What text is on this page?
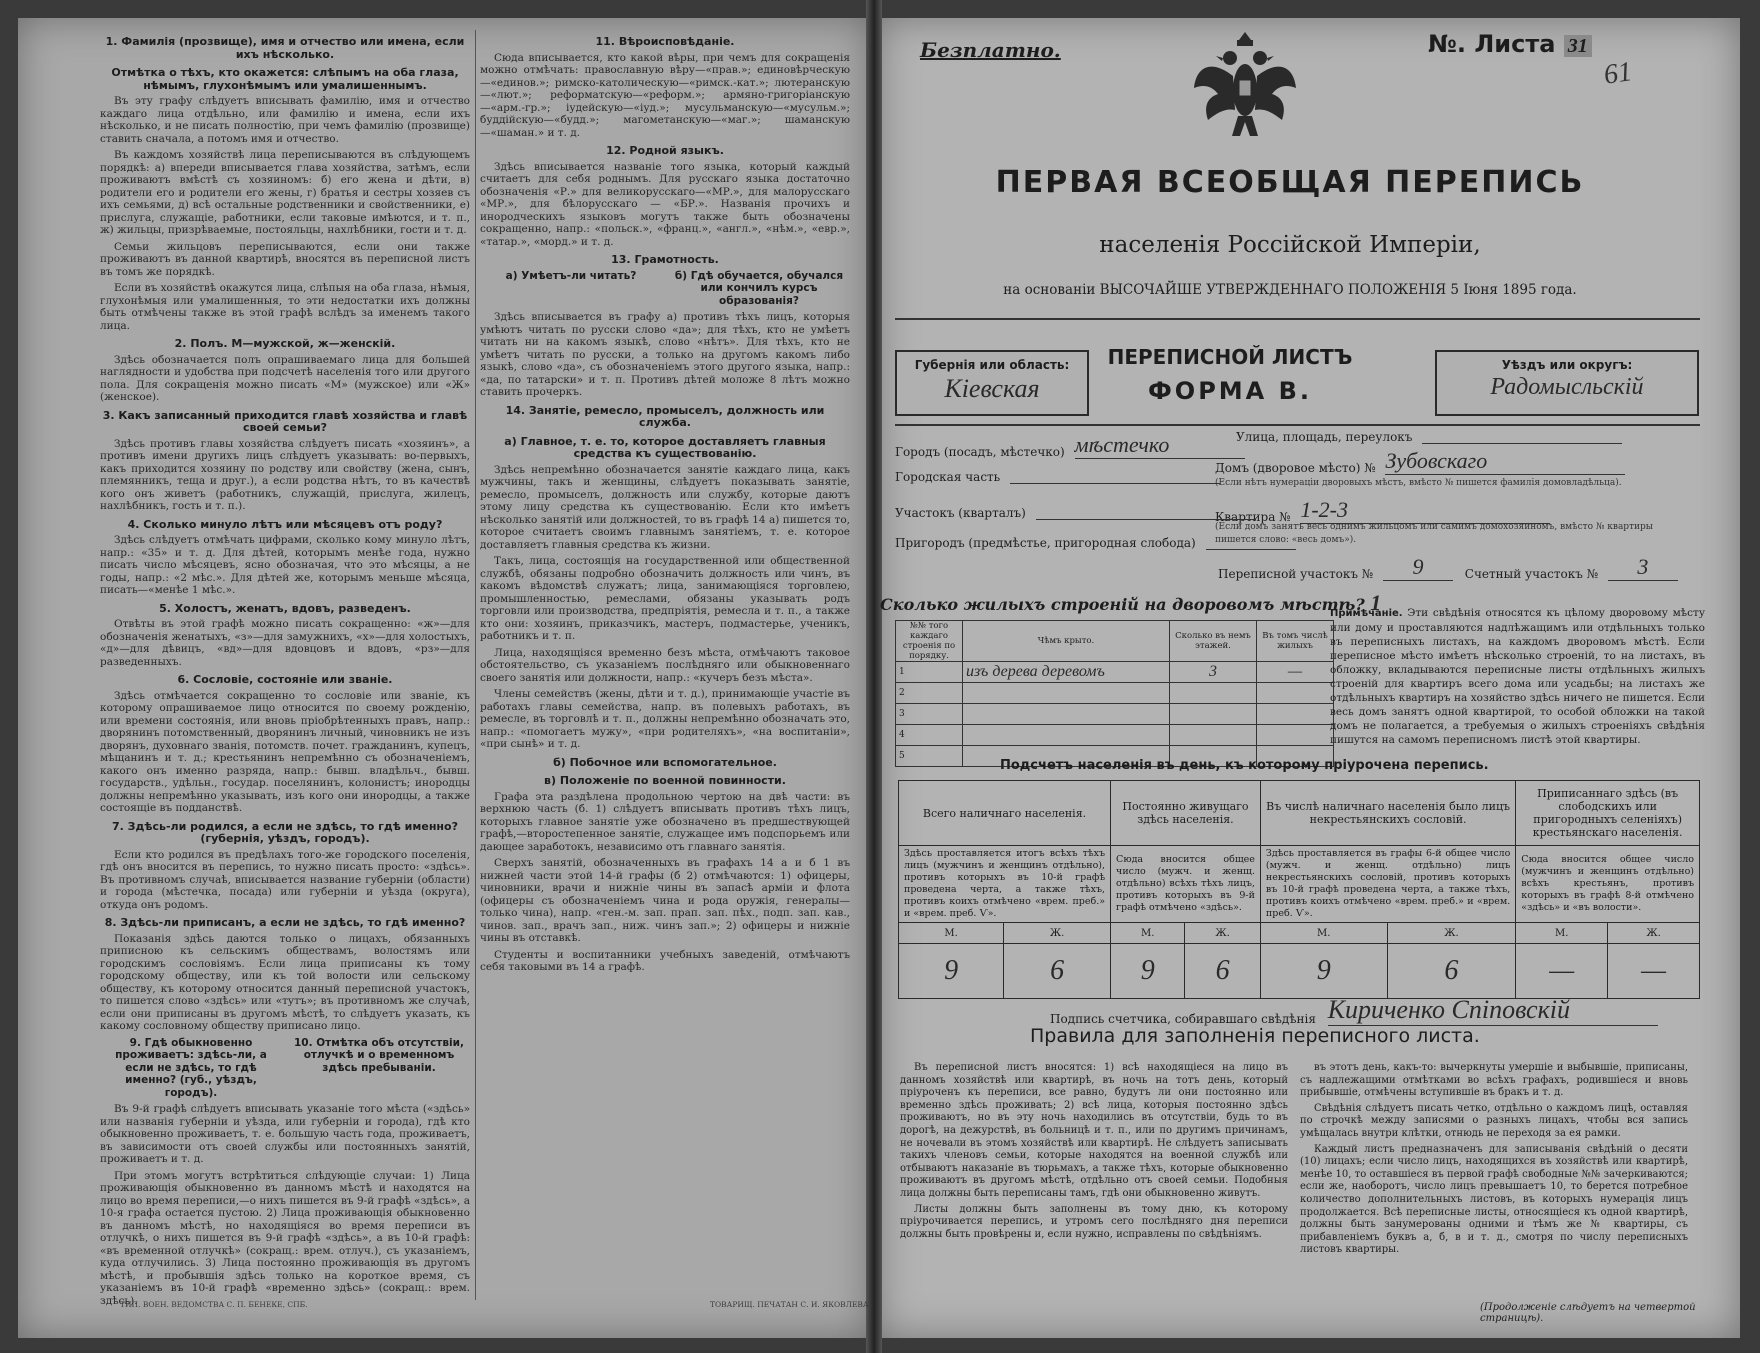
1. Фамилія (прозвище), имя и отчество или имена, если ихъ нѣсколько.
Отмѣтка о тѣхъ, кто окажется: слѣпымъ на оба глаза, нѣмымъ, глухонѣмымъ или умалишеннымъ.

Въ эту графу слѣдуетъ вписывать фамилію, имя и отчество каждаго лица отдѣльно, или фамилію и имена, если ихъ нѣсколько, и не писать полностію, при чемъ фамилію (прозвище) ставить сначала, а потомъ имя и отчество.

Въ каждомъ хозяйствѣ лица переписываются въ слѣдующемъ порядкѣ: а) впереди вписывается глава хозяйства, затѣмъ, если проживаютъ вмѣстѣ съ хозяиномъ: б) его жена и дѣти, в) родители его и родители его жены, г) братья и сестры хозяев съ ихъ семьями, д) всѣ остальные родственники и свойственники, е) прислуга, служащіе, работники, если таковые имѣются, и т. п., ж) жильцы, призрѣваемые, постояльцы, нахлѣбники, гости и т. д.

Семьи жильцовъ переписываются, если они также проживаютъ въ данной квартирѣ, вносятся въ переписной листъ въ томъ же порядкѣ.

Если въ хозяйствѣ окажутся лица, слѣпыя на оба глаза, нѣмыя, глухонѣмыя или умалишенныя, то эти недостатки ихъ должны быть отмѣчены также въ этой графѣ вслѣдъ за именемъ такого лица.

2. Полъ. М—мужской, ж—женскій.

Здѣсь обозначается полъ опрашиваемаго лица для большей наглядности и удобства при подсчетѣ населенія того или другого пола. Для сокращенія можно писать «М» (мужское) или «Ж» (женское).

3. Какъ записанный приходится главѣ хозяйства и главѣ своей семьи?

Здѣсь противъ главы хозяйства слѣдуетъ писать «хозяинъ», а противъ имени другихъ лицъ слѣдуетъ указывать: во-первыхъ, какъ приходится хозяину по родству или свойству (жена, сынъ, племянникъ, теща и друг.), а если родства нѣтъ, то въ качествѣ кого онъ живетъ (работникъ, служащій, прислуга, жилецъ, нахлѣбникъ, гость и т. п.).

4. Сколько минуло лѣтъ или мѣсяцевъ отъ роду?

Здѣсь слѣдуетъ отмѣчать цифрами, сколько кому минуло лѣтъ, напр.: «35» и т. д. Для дѣтей, которымъ менѣе года, нужно писать число мѣсяцевъ, ясно обозначая, что это мѣсяцы, а не годы, напр.: «2 мѣс.». Для дѣтей же, которымъ меньше мѣсяца, писать—«менѣе 1 мѣс.».

5. Холостъ, женатъ, вдовъ, разведенъ.

Отвѣты въ этой графѣ можно писать сокращенно: «ж»—для обозначенія женатыхъ, «з»—для замужнихъ, «х»—для холостыхъ, «д»—для дѣвицъ, «вд»—для вдовцовъ и вдовъ, «рз»—для разведенныхъ.

6. Сословіе, состояніе или званіе.

Здѣсь отмѣчается сокращенно то сословіе или званіе, къ которому опрашиваемое лицо относится по своему рожденію, или времени состоянія, или вновь пріобрѣтенныхъ правъ, напр.: дворянинъ потомственный, дворянинъ личный, чиновникъ не изъ дворянъ, духовнаго званія, потомств. почет. гражданинъ, купецъ, мѣщанинъ и т. д.; крестьянинъ непремѣнно съ обозначеніемъ, какого онъ именно разряда, напр.: бывш. владѣльч., бывш. государств., удѣльн., государ. поселянинъ, колонистъ; инородцы должны непремѣнно указывать, изъ кого они инородцы, а также состоящіе въ подданствѣ.

7. Здѣсь-ли родился, а если не здѣсь, то гдѣ именно? (губернія, уѣздъ, городъ).

Если кто родился въ предѣлахъ того-же городского поселенія, гдѣ онъ вносится въ перепись, то нужно писать просто: «здѣсь». Въ противномъ случаѣ, вписывается название губерніи (области) и города (мѣстечка, посада) или губерніи и уѣзда (округа), откуда онъ родомъ.

8. Здѣсь-ли приписанъ, а если не здѣсь, то гдѣ именно?

Показанія здѣсь даются только о лицахъ, обязанныхъ приписною къ сельскимъ обществамъ, волостямъ или городскимъ сословіямъ. Если лица приписаны къ тому городскому обществу, или къ той волости или сельскому обществу, къ которому относится данный переписной участокъ, то пишется слово «здѣсь» или «тутъ»; въ противномъ же случаѣ, если они приписаны въ другомъ мѣстѣ, то слѣдуетъ указать, къ какому сословному обществу приписано лицо.

9. Гдѣ обыкновенно проживаетъ: здѣсь-ли, а если не здѣсь, то гдѣ именно? (губ., уѣздъ, городъ).
10. Отмѣтка объ отсутствіи, отлучкѣ и о временномъ здѣсь пребываніи.

Въ 9-й графѣ слѣдуетъ вписывать указаніе того мѣста («здѣсь» или названія губерніи и уѣзда, или губерніи и города), гдѣ кто обыкновенно проживаетъ, т. е. большую часть года, проживаетъ, въ зависимости отъ своей службы или постоянныхъ занятій, проживаетъ и т. д.

При этомъ могутъ встрѣтиться слѣдующіе случаи: 1) Лица проживающія обыкновенно въ данномъ мѣстѣ и находятся на лицо во время переписи,—о нихъ пишется въ 9-й графѣ «здѣсь», а 10-я графа остается пустою. 2) Лица проживающія обыкновенно въ данномъ мѣстѣ, но находящіяся во время переписи въ отлучкѣ, о нихъ пишется въ 9-й графѣ «здѣсь», а въ 10-й графѣ: «въ временной отлучкѣ» (сокращ.: врем. отлуч.), съ указаніемъ, куда отлучились. 3) Лица постоянно проживающія въ другомъ мѣстѣ, и пробывшія здѣсь только на короткое время, съ указаніемъ въ 10-й графѣ «временно здѣсь» (сокращ.: врем. здѣсь).

ТИП. ВОЕН. ВЕДОМСТВА С. П. БЕНЕКЕ, СПБ.
11. Вѣроисповѣданіе.

Сюда вписывается, кто какой вѣры, при чемъ для сокращенія можно отмѣчать: православную вѣру—«прав.»; единовѣрческую—«единов.»; римско-католическую—«римск.-кат.»; лютеранскую—«лют.»; реформатскую—«реформ.»; армяно-григоріанскую—«арм.-гр.»; іудейскую—«іуд.»; мусульманскую—«мусульм.»; буддійскую—«будд.»; магометанскую—«маг.»; шаманскую—«шаман.» и т. д.

12. Родной языкъ.

Здѣсь вписывается названіе того языка, который каждый считаетъ для себя роднымъ. Для русскаго языка достаточно обозначенія «Р.» для великорусскаго—«МР.», для малорусскаго «МР.», для бѣлорусскаго — «БР.». Названія прочихъ и инородческихъ языковъ могутъ также быть обозначены сокращенно, напр.: «польск.», «франц.», «англ.», «нѣм.», «евр.», «татар.», «морд.» и т. д.

13. Грамотность.
а) Умѣетъ-ли читать?	б) Гдѣ обучается, обучался или кончилъ курсъ образованія?

Здѣсь вписывается въ графу а) противъ тѣхъ лицъ, которыя умѣютъ читать по русски слово «да»; для тѣхъ, кто не умѣетъ читать ни на какомъ языкѣ, слово «нѣтъ». Для тѣхъ, кто не умѣетъ читать по русски, а только на другомъ какомъ либо языкѣ, слово «да», съ обозначеніемъ этого другого языка, напр.: «да, по татарски» и т. п. Противъ дѣтей моложе 8 лѣтъ можно ставить прочеркъ.

14. Занятіе, ремесло, промыселъ, должность или служба.
а) Главное, т. е. то, которое доставляетъ главныя средства къ существованію.

Здѣсь непремѣнно обозначается занятіе каждаго лица, какъ мужчины, такъ и женщины, слѣдуетъ показывать занятіе, ремесло, промыселъ, должность или службу, которые даютъ этому лицу средства къ существованію. Если кто имѣетъ нѣсколько занятій или должностей, то въ графѣ 14 а) пишется то, которое считаетъ своимъ главнымъ занятіемъ, т. е. которое доставляетъ главныя средства къ жизни.

Такъ, лица, состоящія на государственной или общественной службѣ, обязаны подробно обозначить должность или чинъ, въ какомъ вѣдомствѣ служатъ; лица, занимающіяся торговлею, промышленностью, ремеслами, обязаны указывать родъ торговли или производства, предпріятія, ремесла и т. п., а также кто они: хозяинъ, приказчикъ, мастеръ, подмастерье, ученикъ, работникъ и т. п.

Лица, находящіяся временно безъ мѣста, отмѣчаютъ таковое обстоятельство, съ указаніемъ послѣдняго или обыкновеннаго своего занятія или должности, напр.: «кучеръ безъ мѣста».

Члены семействъ (жены, дѣти и т. д.), принимающіе участіе въ работахъ главы семейства, напр. въ полевыхъ работахъ, въ ремесле, въ торговлѣ и т. п., должны непремѣнно обозначать это, напр.: «помогаетъ мужу», «при родителяхъ», «на воспитаніи», «при сынѣ» и т. д.

б) Побочное или вспомогательное.
в) Положеніе по военной повинности.

Графа эта раздѣлена продольною чертою на двѣ части: въ верхнюю часть (б. 1) слѣдуетъ вписывать противъ тѣхъ лицъ, которыхъ главное занятіе уже обозначено въ предшествующей графѣ,—второстепенное занятіе, служащее имъ подспорьемъ или дающее заработокъ, независимо отъ главнаго занятія.

Сверхъ занятій, обозначенныхъ въ графахъ 14 а и б 1 въ нижней части этой 14-й графы (б 2) отмѣчаются: 1) офицеры, чиновники, врачи и нижніе чины въ запасѣ арміи и флота (офицеры съ обозначеніемъ чина и рода оружія, генералы—только чина), напр. «ген.-м. зап. прап. зап. пѣх., подп. зап. кав., чинов. зап., врачъ зап., ниж. чинъ зап.»; 2) офицеры и нижніе чины въ отставкѣ.

Студенты и воспитанники учебныхъ заведеній, отмѣчаютъ себя таковыми въ 14 а графѣ.

ТОВАРИЩ. ПЕЧАТАН С. И. ЯКОВЛЕВА
Безплатно.	№. Листа 31
61
ПЕРВАЯ ВСЕОБЩАЯ ПЕРЕПИСЬ
населенія Россійской Имперіи,
на основаніи ВЫСОЧАЙШЕ УТВЕРЖДЕННАГО ПОЛОЖЕНІЯ 5 Іюня 1895 года.
Губернія или область:
Кіевская
ПЕРЕПИСНОЙ ЛИСТЪ
ФОРМА В.
Уѣздъ или округъ:
Радомысльскій
Городъ (посадъ, мѣстечко) мѣстечко	Улица, площадь, переулокъ
Домъ (дворовое мѣсто) № Зубовскаго
(Если нѣтъ нумераціи дворовыхъ мѣстъ, вмѣсто № пишется фамилія домовладѣльца).
Городская часть
Квартира № 1-2-3
(Если домъ занятъ весь однимъ жильцомъ или самимъ домохозяиномъ, вмѣсто № квартиры пишется слово: «весь домъ»).
Участокъ (кварталъ)
Пригородъ (предмѣстье, пригородная слобода)
Переписной участокъ № 9	Счетный участокъ № 3
Сколько жилыхъ строеній на дворовомъ мѣстѣ? 1
№№ того каждаго строенія по порядку.	Чѣмъ крыто.	Сколько въ немъ этажей.	Въ томъ числѣ жилыхъ
1	изъ дерева деревомъ	3	—
2			
3			
4			
5			
Примѣчаніе. Эти свѣдѣнія относятся къ цѣлому дворовому мѣсту или дому и проставляются надлѣжащимъ или отдѣльныхъ только въ переписныхъ листахъ, на каждомъ дворовомъ мѣстѣ. Если переписное мѣсто имѣетъ нѣсколько строеній, то на листахъ, въ обложку, вкладываются переписные листы отдѣльныхъ жилыхъ строеній для квартиръ всего дома или усадьбы; на листахъ же отдѣльныхъ квартиръ на хозяйство здѣсь ничего не пишется. Если весь домъ занятъ одной квартирой, то особой обложки на такой домъ не полагается, а требуемыя о жилыхъ строеніяхъ свѣдѣнія пишутся на самомъ переписномъ листѣ этой квартиры.
Подсчетъ населенія въ день, къ которому пріурочена перепись.
Всего наличнаго населенія.		Постоянно живущаго здѣсь населенія.		Въ числѣ наличнаго населенія было лицъ некрестьянскихъ сословій.		Приписаннаго здѣсь (въ слободскихъ или пригородныхъ селеніяхъ) крестьянскаго населенія.	
Здѣсь проставляется итогъ всѣхъ тѣхъ лицъ (мужчинъ и женщинъ отдѣльно), противъ которыхъ въ 10-й графѣ проведена черта, а также тѣхъ, противъ коихъ отмѣчено «врем. преб.» и «врем. преб. Ѵ».		Сюда вносится общее число (мужч. и женщ. отдѣльно) всѣхъ тѣхъ лицъ, противъ которыхъ въ 9-й графѣ отмѣчено «здѣсь».		Здѣсь проставляется въ графы 6-й общее число (мужч. и женщ. отдѣльно) лицъ некрестьянскихъ сословій, противъ которыхъ въ 10-й графѣ проведена черта, а также тѣхъ, противъ коихъ отмѣчено «врем. преб.» и «врем. преб. Ѵ».		Сюда вносится общее число (мужчинъ и женщинъ отдѣльно) всѣхъ крестьянъ, противъ которыхъ въ графѣ 8-й отмѣчено «здѣсь» и «въ волости».	
М.	Ж.	М.	Ж.	М.	Ж.	М.	Ж.
9	6	9	6	9	6	—	—
Подпись счетчика, собиравшаго свѣдѣнія Кириченко Спіповскій
Правила для заполненія переписного листа.

Въ переписной листъ вносятся: 1) всѣ находящіеся на лицо въ данномъ хозяйствѣ или квартирѣ, въ ночь на тотъ день, который пріуроченъ къ переписи, все равно, будутъ ли они постоянно или временно здѣсь проживать; 2) всѣ лица, которыя постоянно здѣсь проживаютъ, но въ эту ночь находились въ отсутствіи, будь то въ дорогѣ, на дежурствѣ, въ больницѣ и т. п., или по другимъ причинамъ, не ночевали въ этомъ хозяйствѣ или квартирѣ. Не слѣдуетъ записывать такихъ членовъ семьи, которые находятся на военной службѣ или отбываютъ наказаніе въ тюрьмахъ, а также тѣхъ, которые обыкновенно проживаютъ въ другомъ мѣстѣ, отдѣльно отъ своей семьи. Подобныя лица должны быть переписаны тамъ, гдѣ они обыкновенно живутъ.

Листы должны быть заполнены въ тому дню, къ которому пріурочивается перепись, и утромъ сего послѣдняго дня переписи должны быть провѣрены и, если нужно, исправлены по свѣдѣніямъ.

въ этотъ день, какъ-то: вычеркнуты умершіе и выбывшіе, приписаны, съ надлежащими отмѣтками во всѣхъ графахъ, родившіеся и вновь прибывшіе, отмѣчены вступившіе въ бракъ и т. д.

Свѣдѣнія слѣдуетъ писать четко, отдѣльно о каждомъ лицѣ, оставляя по строчкѣ между записями о разныхъ лицахъ, чтобы вся запись умѣщалась внутри клѣтки, отнюдь не переходя за ея рамки.

Каждый листъ предназначенъ для записыванія свѣдѣній о десяти (10) лицахъ; если число лицъ, находящихся въ хозяйствѣ или квартирѣ, менѣе 10, то оставшіеся въ первой графѣ свободные №№ зачеркиваются; если же, наоборотъ, число лицъ превышаетъ 10, то берется потребное количество дополнительныхъ листовъ, въ которыхъ нумерація лицъ продолжается. Всѣ переписные листы, относящіеся къ одной квартирѣ, должны быть занумерованы одними и тѣмъ же № квартиры, съ прибавленіемъ буквъ а, б, в и т. д., смотря по числу переписныхъ листовъ квартиры.

(Продолженіе слѣдуетъ на четвертой страницѣ).
